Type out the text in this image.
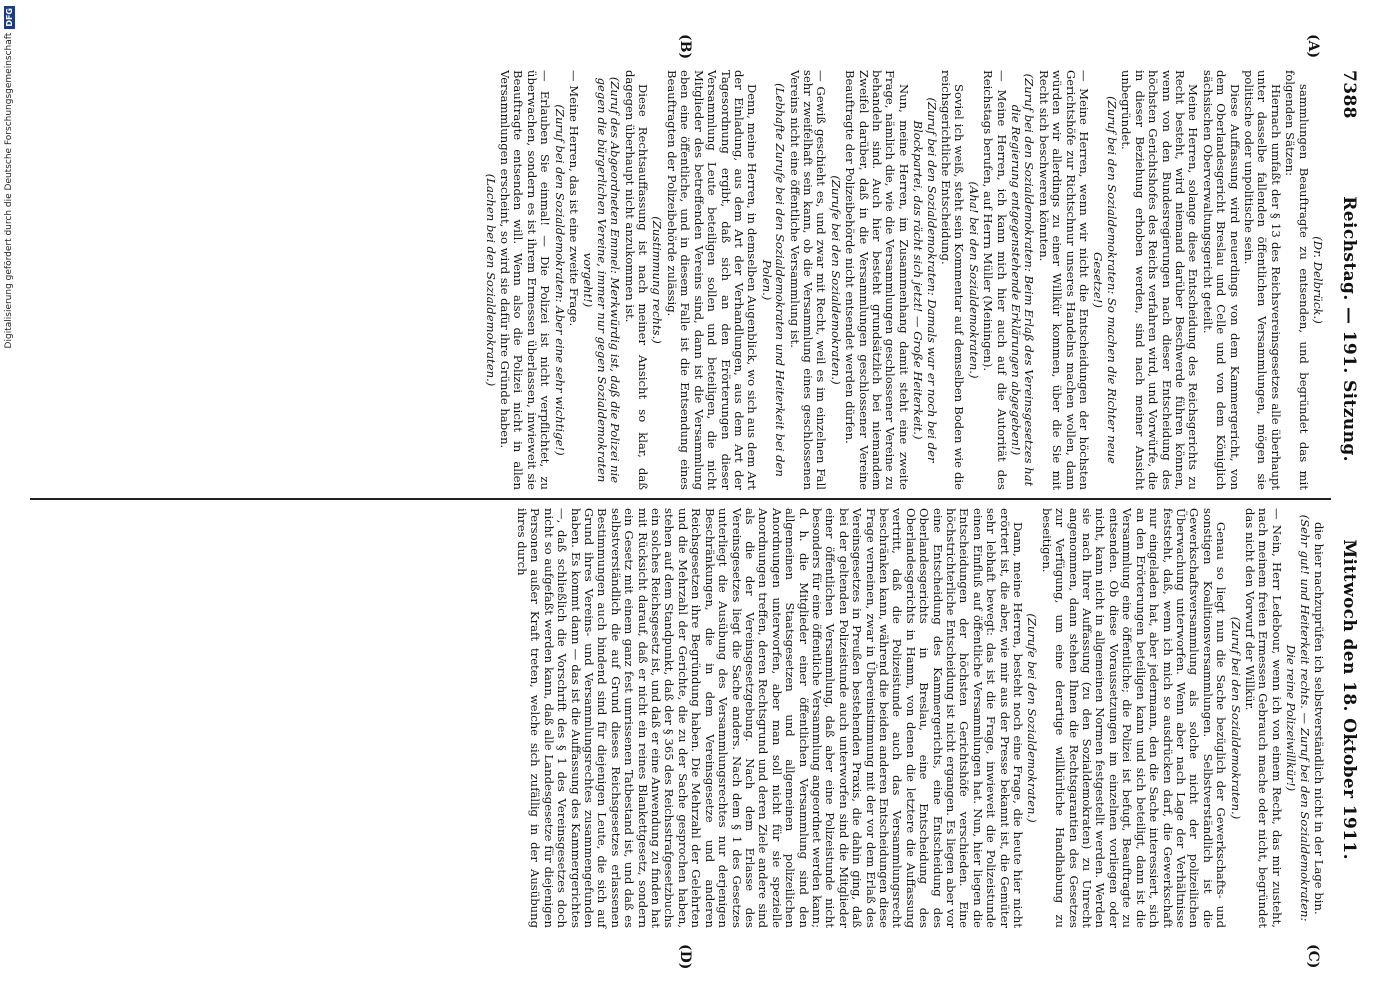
7388
Reichstag. — 191. Sitzung.
Mittwoch den 18. Oktober 1911.
(A)
(B)
(C)
(D)

(Dr. Delbrück.)

sammlungen Beauftragte zu entsenden, und begründet das mit folgenden Sätzen:

Hiernach umfaßt der § 13 des Reichsvereinsgesetzes alle überhaupt unter dasselbe fallenden öffentlichen Versammlungen, mögen sie politische oder unpolitische sein.

Diese Auffassung wird neuerdings von dem Kammergericht, von dem Oberlandesgericht Breslau und Celle und von dem Königlich sächsischen Oberverwaltungsgericht geteilt.

Meine Herren, solange diese Entscheidung des Reichsgerichts zu Recht besteht, wird niemand darüber Beschwerde führen können, wenn von den Bundesregierungen nach dieser Entscheidung des höchsten Gerichtshofes des Reichs verfahren wird, und Vorwürfe, die in dieser Beziehung erhoben werden, sind nach meiner Ansicht unbegründet.

(Zuruf bei den Sozialdemokraten: So machen die Richter neue Gesetze!)

— Meine Herren, wenn wir nicht die Entscheidungen der höchsten Gerichtshöfe zur Richtschnur unseres Handelns machen wollen, dann würden wir allerdings zu einer Willkür kommen, über die Sie mit Recht sich beschweren könnten.

(Zuruf bei den Sozialdemokraten: Beim Erlaß des Vereinsgesetzes hat die Regierung entgegenstehende Erklärungen abgegeben!)

— Meine Herren, ich kann mich hier auch auf die Autorität des Reichstags berufen, auf Herrn Müller (Meiningen).

(Aha! bei den Sozialdemokraten.)

Soviel ich weiß, steht sein Kommentar auf demselben Boden wie die reichsgerichtliche Entscheidung.

(Zuruf bei den Sozialdemokraten: Damals war er noch bei der Blockpartei, das rächt sich jetzt! — Große Heiterkeit.)

Nun, meine Herren, im Zusammenhang damit steht eine zweite Frage, nämlich die, wie die Versammlungen geschlossener Vereine zu behandeln sind. Auch hier besteht grundsätzlich bei niemandem Zweifel darüber, daß in die Versammlungen geschlossener Vereine Beauftragte der Polizeibehörde nicht entsendet werden dürfen.

(Zurufe bei den Sozialdemokraten.)

— Gewiß geschieht es, und zwar mit Recht, weil es im einzelnen Fall sehr zweifelhaft sein kann, ob die Versammlung eines geschlossenen Vereins nicht eine öffentliche Versammlung ist.

(Lebhafte Zurufe bei den Sozialdemokraten und Heiterkeit bei den Polen.)

Denn, meine Herren, in demselben Augenblick, wo sich aus dem Art der Einladung, aus dem Art der Verhandlungen, aus dem Art der Tagesordnung ergibt, daß sich an den Erörterungen dieser Versammlung Leute beteiligen sollen und beteiligen, die nicht Mitglieder des betreffenden Vereins sind, dann ist die Versammlung eben eine öffentliche, und in diesem Falle ist die Entsendung eines Beauftragten der Polizeibehörde zulässig.

(Zustimmung rechts.)

Diese Rechtsauffassung ist nach meiner Ansicht so klar, daß dagegen überhaupt nicht anzukommen ist.

(Zuruf des Abgeordneten Emmel: Merkwürdig ist, daß die Polizei nie gegen die bürgerlichen Vereine, immer nur gegen Sozialdemokraten vorgeht!)

— Meine Herren, das ist eine zweite Frage.

(Zuruf bei den Sozialdemokraten: Aber eine sehr wichtige!)

— Erlauben Sie einmal! — Die Polizei ist nicht verpflichtet, zu überwachen, sondern es ist ihrem Ermessen überlassen, inwieweit sie Beauftragte entsenden will. Wenn also die Polizei nicht in allen Versammlungen erscheint, so wird sie dafür ihre Gründe haben.

(Lachen bei den Sozialdemokraten.)

die hier nachzuprüfen ich selbstverständlich nicht in der Lage bin.

(Sehr gut! und Heiterkeit rechts. — Zuruf bei den Sozialdemokraten: Die reine Polizeiwillkür!)

— Nein, Herr Ledebour, wenn ich von einem Recht, das mir zusteht, nach meinem freien Ermessen Gebrauch mache oder nicht, begründet das nicht den Vorwurf der Willkür.

(Zuruf bei den Sozialdemokraten.)

Genau so liegt nun die Sache bezüglich der Gewerkschafts- und sonstigen Koalitionsversammlungen. Selbstverständlich ist die Gewerkschaftsversammlung als solche nicht der polizeilichen Überwachung unterworfen. Wenn aber nach Lage der Verhältnisse feststeht, daß, wenn ich mich so ausdrücken darf, die Gewerkschaft nur eingeladen hat, aber jedermann, den die Sache interessiert, sich an den Erörterungen beteiligen kann und sich beteiligt, dann ist die Versammlung eine öffentliche; die Polizei ist befugt, Beauftragte zu entsenden. Ob diese Voraussetzungen im einzelnen vorliegen oder nicht, kann nicht in allgemeinen Normen festgestellt werden. Werden sie nach Ihrer Auffassung (zu den Sozialdemokraten) zu Unrecht angenommen, dann stehen Ihnen die Rechtsgarantien des Gesetzes zur Verfügung, um eine derartige willkürliche Handhabung zu beseitigen.

(Zurufe bei den Sozialdemokraten.)

Dann, meine Herren, besteht noch eine Frage, die heute hier nicht erörtert ist, die aber, wie mir aus der Presse bekannt ist, die Gemüter sehr lebhaft bewegt: das ist die Frage, inwieweit die Polizeistunde einen Einfluß auf öffentliche Versammlungen hat. Nun, hier liegen die Entscheidungen der höchsten Gerichtshöfe verschieden. Eine höchstrichterliche Entscheidung ist nicht ergangen. Es liegen aber vor eine Entscheidung des Kammergerichts, eine Entscheidung des Oberlandesgerichts in Breslau, eine Entscheidung des Oberlandesgerichts in Hamm, von denen die letztere die Auffassung vertritt, daß die Polizeistunde auch das Versammlungsrecht beschränken kann, während die beiden anderen Entscheidungen diese Frage verneinen, zwar in Übereinstimmung mit der vor dem Erlaß des Vereinsgesetzes in Preußen bestehenden Praxis, die dahin ging, daß bei der geltenden Polizeistunde auch unterworfen sind die Mitglieder einer öffentlichen Versammlung, daß aber eine Polizeistunde nicht besonders für eine öffentliche Versammlung angeordnet werden kann; d. h. die Mitglieder einer öffentlichen Versammlung sind den allgemeinen Staatsgesetzen und allgemeinen polizeilichen Anordnungen unterworfen, aber man soll nicht für sie spezielle Anordnungen treffen, deren Rechtsgrund und deren Ziele andere sind als die der Vereinsgesetzgebung. Nach dem Erlasse des Vereinsgesetzes liegt die Sache anders. Nach dem § 1 des Gesetzes unterliegt die Ausübung des Versammlungsrechtes nur derjenigen Beschränkungen, die in dem Vereinsgesetze und anderen Reichsgesetzen ihre Begründung haben. Die Mehrzahl der Gelehrten und die Mehrzahl der Gerichte, die zu der Sache gesprochen haben, stehen auf dem Standpunkt, daß der § 365 des Reichsstrafgesetzbuchs ein solches Reichsgesetz ist, und daß er eine Anwendung zu finden hat mit Rücksicht darauf, daß er nicht ein reines Blankettgesetz, sondern ein Gesetz mit einem ganz fest umrissenen Tatbestand ist, und daß es selbstverständlich die auf Grund dieses Reichsgesetzes erlassenen Bestimmungen auch bindend sind für diejenigen Leute, die sich auf Grund ihres Vereins- und Versammlungsrechtes zusammengefunden haben. Es kommt dann — das ist die Auffassung des Kammergerichtes —, daß schließlich die Vorschrift des § 1 des Vereinsgesetzes doch nicht so aufgefaßt werden kann, daß alle Landesgesetze für diejenigen Personen außer Kraft treten, welche sich zufällig in der Ausübung ihres durch

Digitalisierung gefördert durch die Deutsche Forschungsgemeinschaft
DFG
